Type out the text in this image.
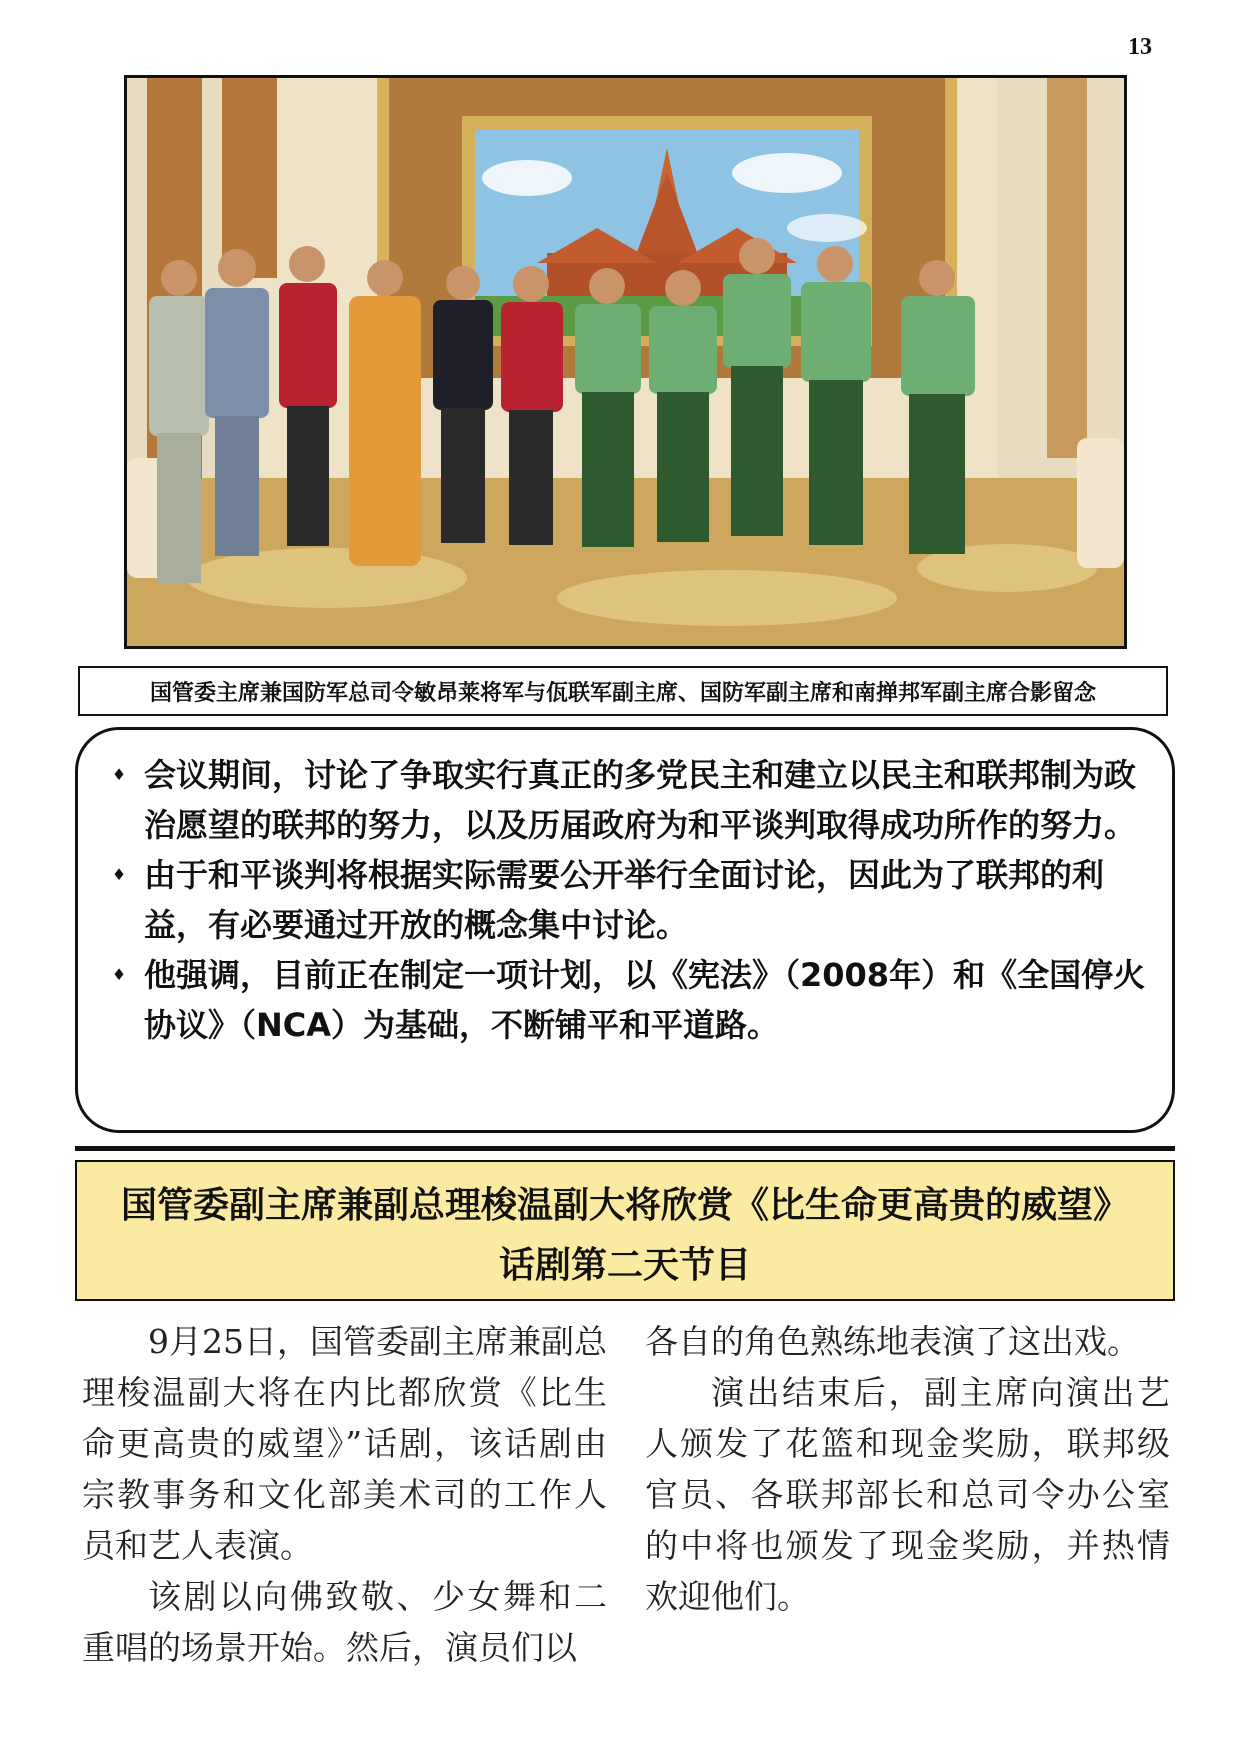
13
国管委主席兼国防军总司令敏昂莱将军与佤联军副主席、国防军副主席和南掸邦军副主席合影留念
♦ 会议期间，讨论了争取实行真正的多党民主和建立以民主和联邦制为政治愿望的联邦的努力，以及历届政府为和平谈判取得成功所作的努力。
♦ 由于和平谈判将根据实际需要公开举行全面讨论，因此为了联邦的利益，有必要通过开放的概念集中讨论。
♦ 他强调，目前正在制定一项计划，以《宪法》（2008年）和《全国停火协议》（NCA）为基础，不断铺平和平道路。
国管委副主席兼副总理梭温副大将欣赏《比生命更高贵的威望》
话剧第二天节目

9月25日，国管委副主席兼副总理梭温副大将在内比都欣赏《比生命更高贵的威望》”话剧，该话剧由宗教事务和文化部美术司的工作人员和艺人表演。

该剧以向佛致敬、少女舞和二重唱的场景开始。然后，演员们以

各自的角色熟练地表演了这出戏。

演出结束后，副主席向演出艺人颁发了花篮和现金奖励，联邦级官员、各联邦部长和总司令办公室的中将也颁发了现金奖励，并热情欢迎他们。
